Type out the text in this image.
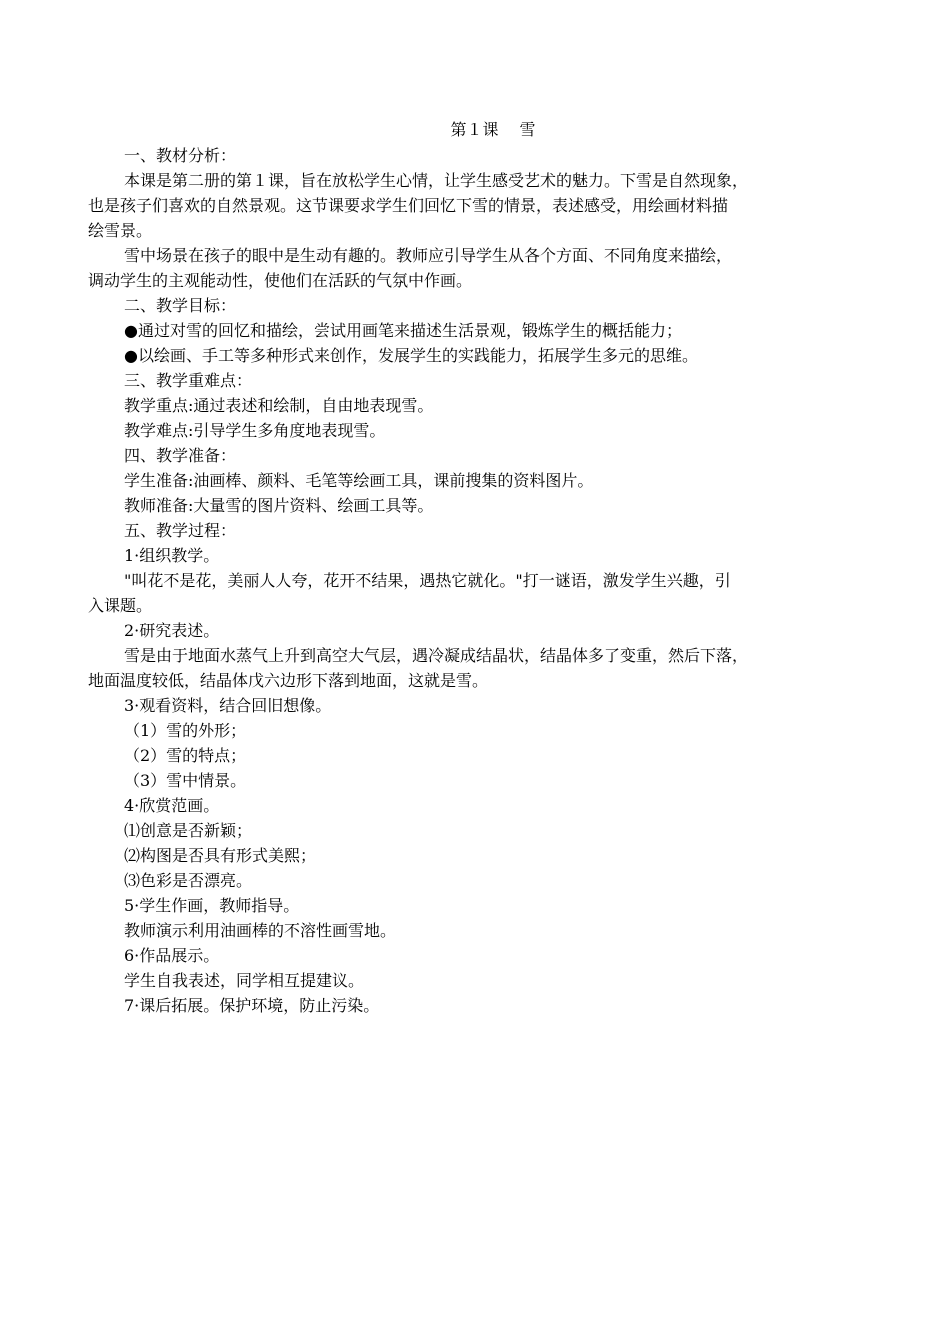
第１课　 雪

一、教材分析：

本课是第二册的第１课，旨在放松学生心情，让学生感受艺术的魅力。下雪是自然现象，
也是孩子们喜欢的自然景观。这节课要求学生们回忆下雪的情景，表述感受，用绘画材料描
绘雪景。
雪中场景在孩子的眼中是生动有趣的。教师应引导学生从各个方面、不同角度来描绘，
调动学生的主观能动性，使他们在活跃的气氛中作画。

二、教学目标：

●通过对雪的回忆和描绘，尝试用画笔来描述生活景观，锻炼学生的概括能力；

●以绘画、手工等多种形式来创作，发展学生的实践能力，拓展学生多元的思维。

三、教学重难点：

教学重点:通过表述和绘制，自由地表现雪。

教学难点:引导学生多角度地表现雪。

四、教学准备：

学生准备:油画棒、颜料、毛笔等绘画工具，课前搜集的资料图片。

教师准备:大量雪的图片资料、绘画工具等。

五、教学过程：

1·组织教学。

"叫花不是花，美丽人人夸，花开不结果，遇热它就化。"打一谜语，激发学生兴趣，引
入课题。

2·研究表述。

雪是由于地面水蒸气上升到高空大气层，遇冷凝成结晶状，结晶体多了变重，然后下落，
地面温度较低，结晶体戊六边形下落到地面，这就是雪。

3·观看资料，结合回旧想像。

（1）雪的外形；

（2）雪的特点；

（3）雪中情景。

4·欣赏范画。

⑴创意是否新颖；

⑵构图是否具有形式美熙；

⑶色彩是否漂亮。

5·学生作画，教师指导。

教师演示利用油画棒的不溶性画雪地。

6·作品展示。

学生自我表述，同学相互提建议。

7·课后拓展。保护环境，防止污染。
